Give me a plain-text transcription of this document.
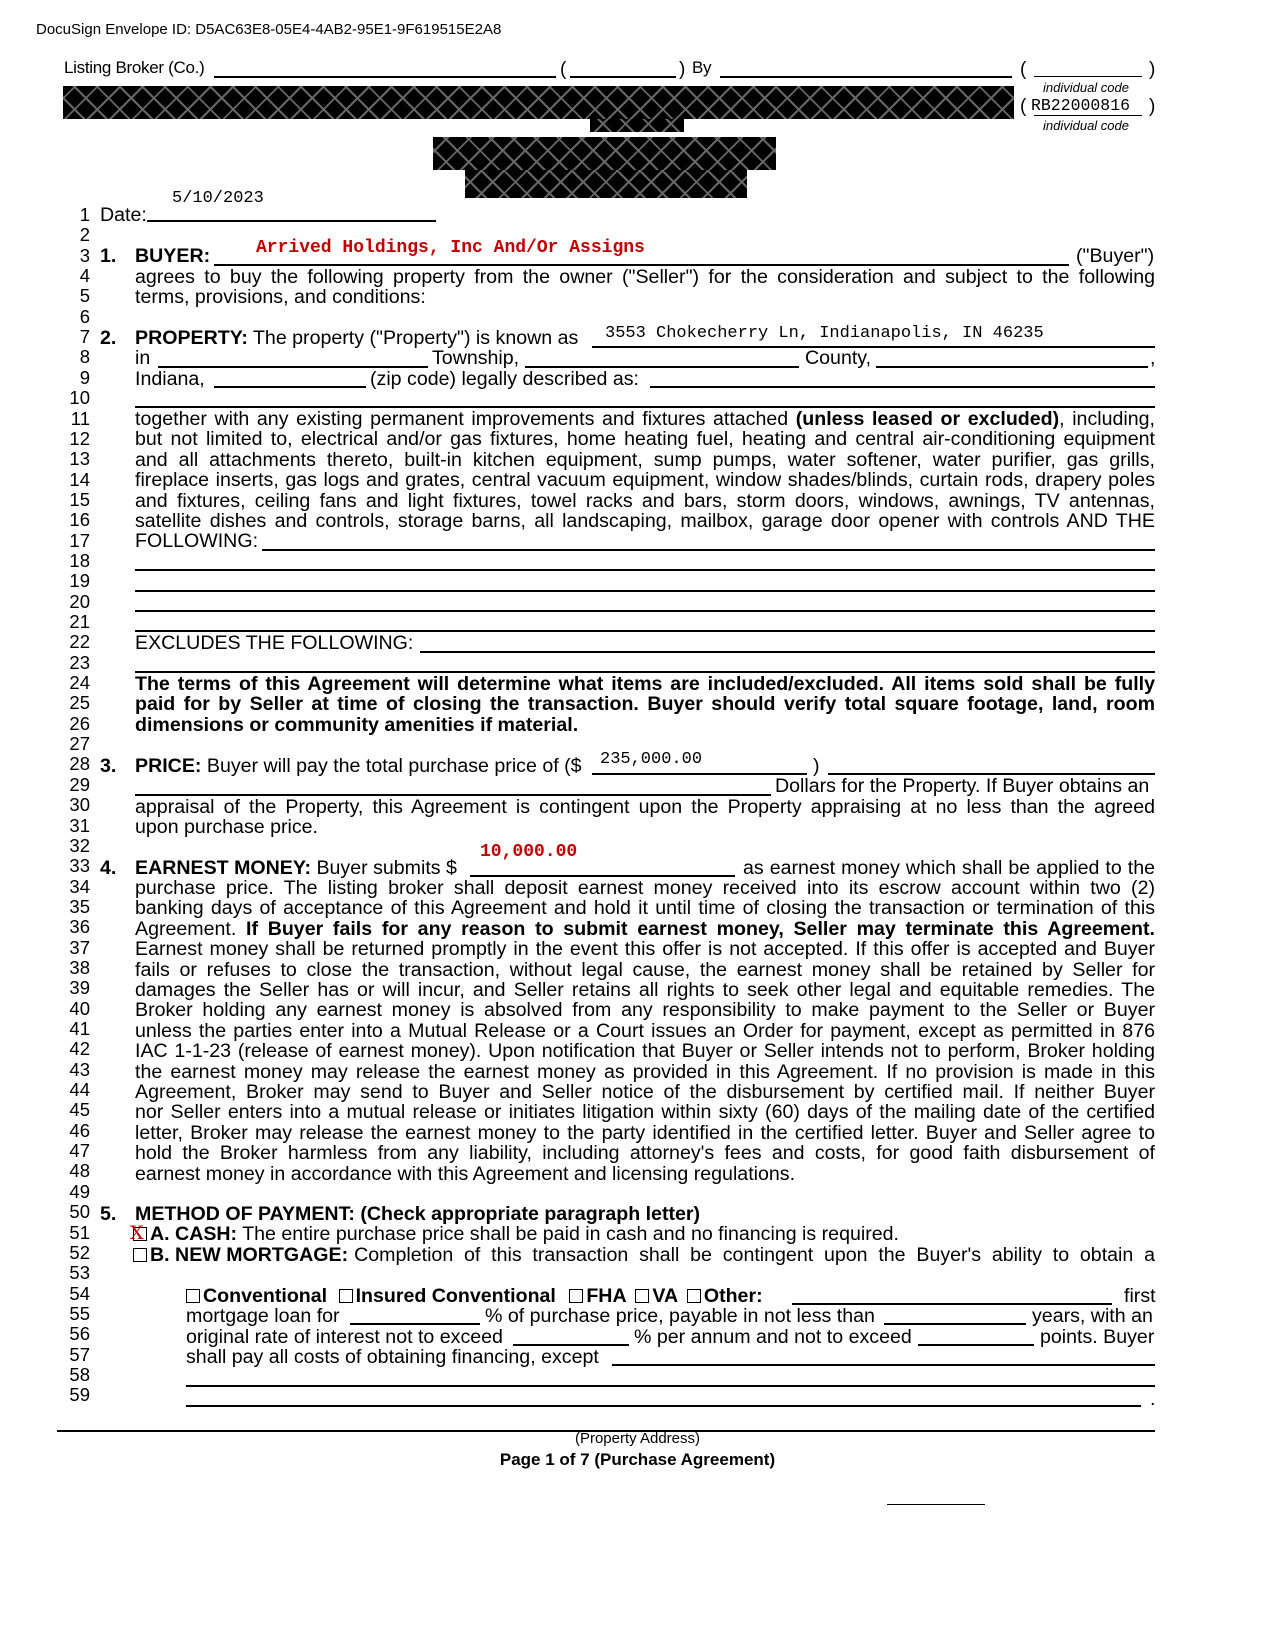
DocuSign Envelope ID: D5AC63E8-05E4-4AB2-95E1-9F619515E2A8
Listing Broker (Co.)	(	) By	(	)
individual code
( RB22000816 )
individual code
1
2
3
4
5
6
7
8
9
10
11
12
13
14
15
16
17
18
19
20
21
22
23
24
25
26
27
28
29
30
31
32
33
34
35
36
37
38
39
40
41
42
43
44
45
46
47
48
49
50
51
52
53
54
55
56
57
58
59
Date:
5/10/2023
1. BUYER:	Arrived Holdings, Inc And/Or Assigns	("Buyer")
agrees to buy the following property from the owner ("Seller") for the consideration and subject to the following
terms, provisions, and conditions:
2. PROPERTY: The property ("Property") is known as 3553 Chokecherry Ln, Indianapolis, IN 46235
in	Township,	County,	,
Indiana,	(zip code) legally described as:
together with any existing permanent improvements and fixtures attached (unless leased or excluded), including,
but not limited to, electrical and/or gas fixtures, home heating fuel, heating and central air-conditioning equipment
and all attachments thereto, built-in kitchen equipment, sump pumps, water softener, water purifier, gas grills,
fireplace inserts, gas logs and grates, central vacuum equipment, window shades/blinds, curtain rods, drapery poles
and fixtures, ceiling fans and light fixtures, towel racks and bars, storm doors, windows, awnings, TV antennas,
satellite dishes and controls, storage barns, all landscaping, mailbox, garage door opener with controls AND THE
FOLLOWING:
EXCLUDES THE FOLLOWING:
The terms of this Agreement will determine what items are included/excluded. All items sold shall be fully
paid for by Seller at time of closing the transaction. Buyer should verify total square footage, land, room
dimensions or community amenities if material.
3. PRICE: Buyer will pay the total purchase price of ($ 235,000.00	)
Dollars for the Property. If Buyer obtains an
appraisal of the Property, this Agreement is contingent upon the Property appraising at no less than the agreed
upon purchase price.
4. EARNEST MONEY: Buyer submits $
10,000.00
as earnest money which shall be applied to the
purchase price. The listing broker shall deposit earnest money received into its escrow account within two (2)
banking days of acceptance of this Agreement and hold it until time of closing the transaction or termination of this
Agreement. If Buyer fails for any reason to submit earnest money, Seller may terminate this Agreement.
Earnest money shall be returned promptly in the event this offer is not accepted. If this offer is accepted and Buyer
fails or refuses to close the transaction, without legal cause, the earnest money shall be retained by Seller for
damages the Seller has or will incur, and Seller retains all rights to seek other legal and equitable remedies. The
Broker holding any earnest money is absolved from any responsibility to make payment to the Seller or Buyer
unless the parties enter into a Mutual Release or a Court issues an Order for payment, except as permitted in 876
IAC 1-1-23 (release of earnest money). Upon notification that Buyer or Seller intends not to perform, Broker holding
the earnest money may release the earnest money as provided in this Agreement. If no provision is made in this
Agreement, Broker may send to Buyer and Seller notice of the disbursement by certified mail. If neither Buyer
nor Seller enters into a mutual release or initiates litigation within sixty (60) days of the mailing date of the certified
letter, Broker may release the earnest money to the party identified in the certified letter. Buyer and Seller agree to
hold the Broker harmless from any liability, including attorney's fees and costs, for good faith disbursement of
earnest money in accordance with this Agreement and licensing regulations.
5. METHOD OF PAYMENT: (Check appropriate paragraph letter)
X A. CASH: The entire purchase price shall be paid in cash and no financing is required.
B. NEW MORTGAGE: Completion of this transaction shall be contingent upon the Buyer's ability to obtain a
Conventional Insured Conventional FHA VA Other:	first
mortgage loan for	% of purchase price, payable in not less than	years, with an
original rate of interest not to exceed	% per annum and not to exceed	points. Buyer
shall pay all costs of obtaining financing, except
.
(Property Address)
Page 1 of 7 (Purchase Agreement)
